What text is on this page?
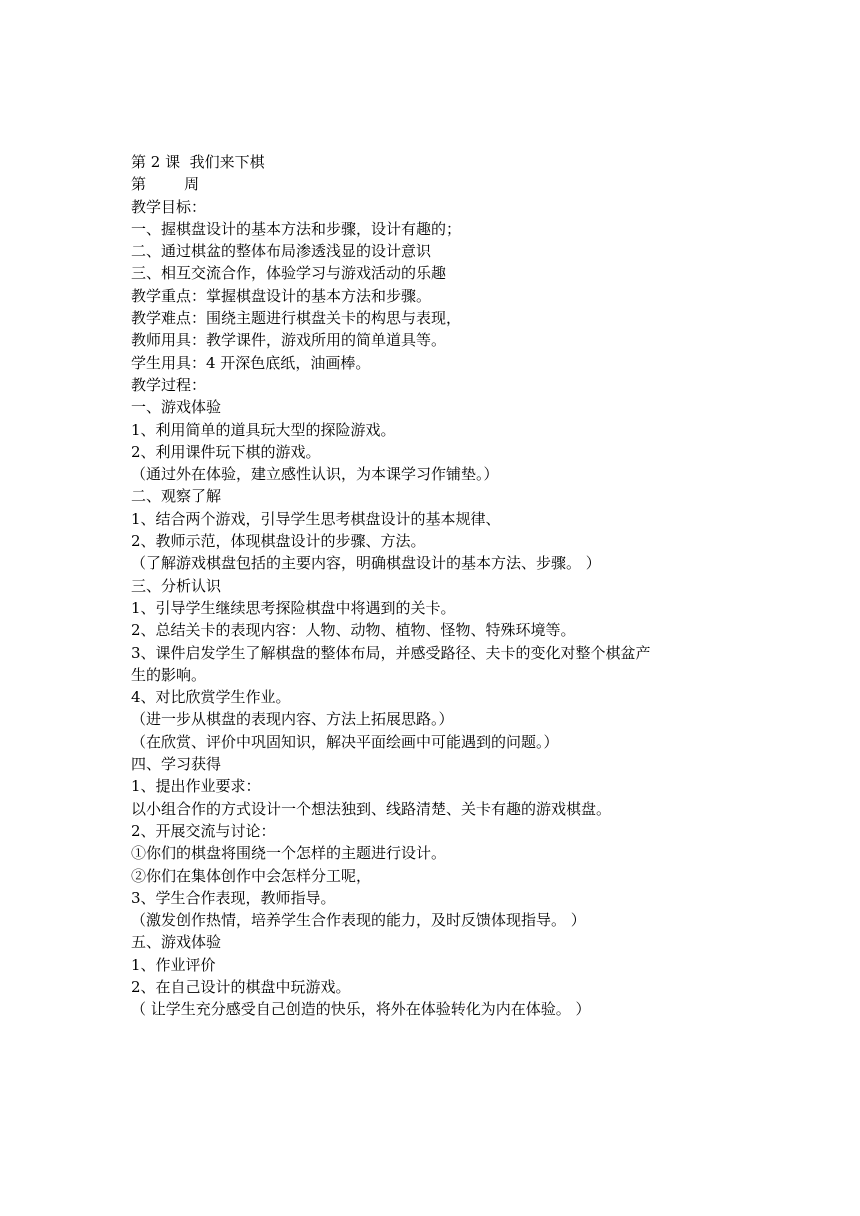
第 2 课  我们来下棋
第        周
教学目标：
一、握棋盘设计的基本方法和步骤，设计有趣的；
二、通过棋盆的整体布局渗透浅显的设计意识
三、相互交流合作，体验学习与游戏活动的乐趣
教学重点：掌握棋盘设计的基本方法和步骤。
教学难点：围绕主题进行棋盘关卡的构思与表现，
教师用具：教学课件，游戏所用的简单道具等。
学生用具：4 开深色底纸，油画棒。
教学过程：
一、游戏体验
1、利用简单的道具玩大型的探险游戏。
2、利用课件玩下棋的游戏。
（通过外在体验，建立感性认识，为本课学习作铺垫。）
二、观察了解
1、结合两个游戏，引导学生思考棋盘设计的基本规律、
2、教师示范，体现棋盘设计的步骤、方法。
（了解游戏棋盘包括的主要内容，明确棋盘设计的基本方法、步骤。 ）
三、分析认识
1、引导学生继续思考探险棋盘中将遇到的关卡。
2、总结关卡的表现内容：人物、动物、植物、怪物、特殊环境等。
3、课件启发学生了解棋盘的整体布局，并感受路径、夫卡的变化对整个棋盆产
生的影响。
4、对比欣赏学生作业。
（进一步从棋盘的表现内容、方法上拓展思路。）
（在欣赏、评价中巩固知识，解决平面绘画中可能遇到的问题。）
四、学习获得
1、提出作业要求：
以小组合作的方式设计一个想法独到、线路清楚、关卡有趣的游戏棋盘。
2、开展交流与讨论：
①你们的棋盘将围绕一个怎样的主题进行设计。
②你们在集体创作中会怎样分工呢，
3、学生合作表现，教师指导。
（激发创作热情，培养学生合作表现的能力，及时反馈体现指导。 ）
五、游戏体验
1、作业评价
2、在自己设计的棋盘中玩游戏。
（ 让学生充分感受自己创造的快乐，将外在体验转化为内在体验。 ）
